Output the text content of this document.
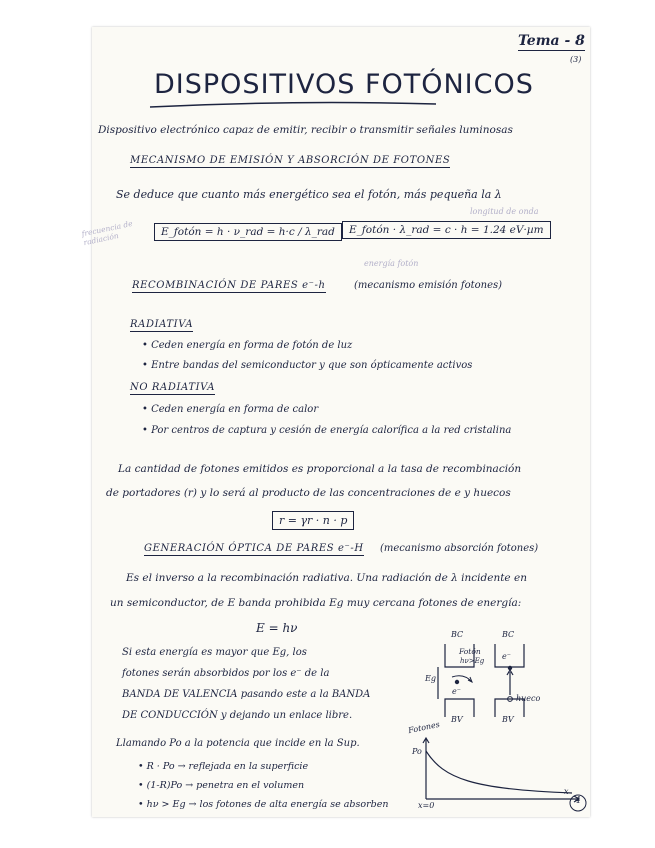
Tema - 8
(3)
DISPOSITIVOS FOTÓNICOS
Dispositivo electrónico capaz de emitir, recibir o transmitir señales luminosas
MECANISMO DE EMISIÓN Y ABSORCIÓN DE FOTONES
Se deduce que cuanto más energético sea el fotón, más pequeña la λ
frecuencia de radiación
longitud de onda
E_fotón = h · ν_rad = h·c / λ_rad	E_fotón · λ_rad = c · h = 1.24 eV·µm
energía fotón
RECOMBINACIÓN DE PARES e⁻-h	(mecanismo emisión fotones)
RADIATIVA
• Ceden energía en forma de fotón de luz
• Entre bandas del semiconductor y que son ópticamente activos
NO RADIATIVA
• Ceden energía en forma de calor
• Por centros de captura y cesión de energía calorífica a la red cristalina
La cantidad de fotones emitidos es proporcional a la tasa de recombinación
de portadores (r) y lo será al producto de las concentraciones de e y huecos
r = γr · n · p
GENERACIÓN ÓPTICA DE PARES e⁻-H (mecanismo absorción fotones)
Es el inverso a la recombinación radiativa. Una radiación de λ incidente en
un semiconductor, de E banda prohibida Eg muy cercana fotones de energía:
E = hν
Si esta energía es mayor que Eg, los
fotones serán absorbidos por los e⁻ de la
BANDA DE VALENCIA pasando este a la BANDA
DE CONDUCCIÓN y dejando un enlace libre.
Llamando Po a la potencia que incide en la Sup.
• R · Po → reflejada en la superficie
• (1-R)Po → penetra en el volumen
• hν > Eg → los fotones de alta energía se absorben
BC	BC
BV	BV
Eg
Fotón
hν>Eg
e⁻
e⁻
hueco
Fotones
Po
x=0
x
4
